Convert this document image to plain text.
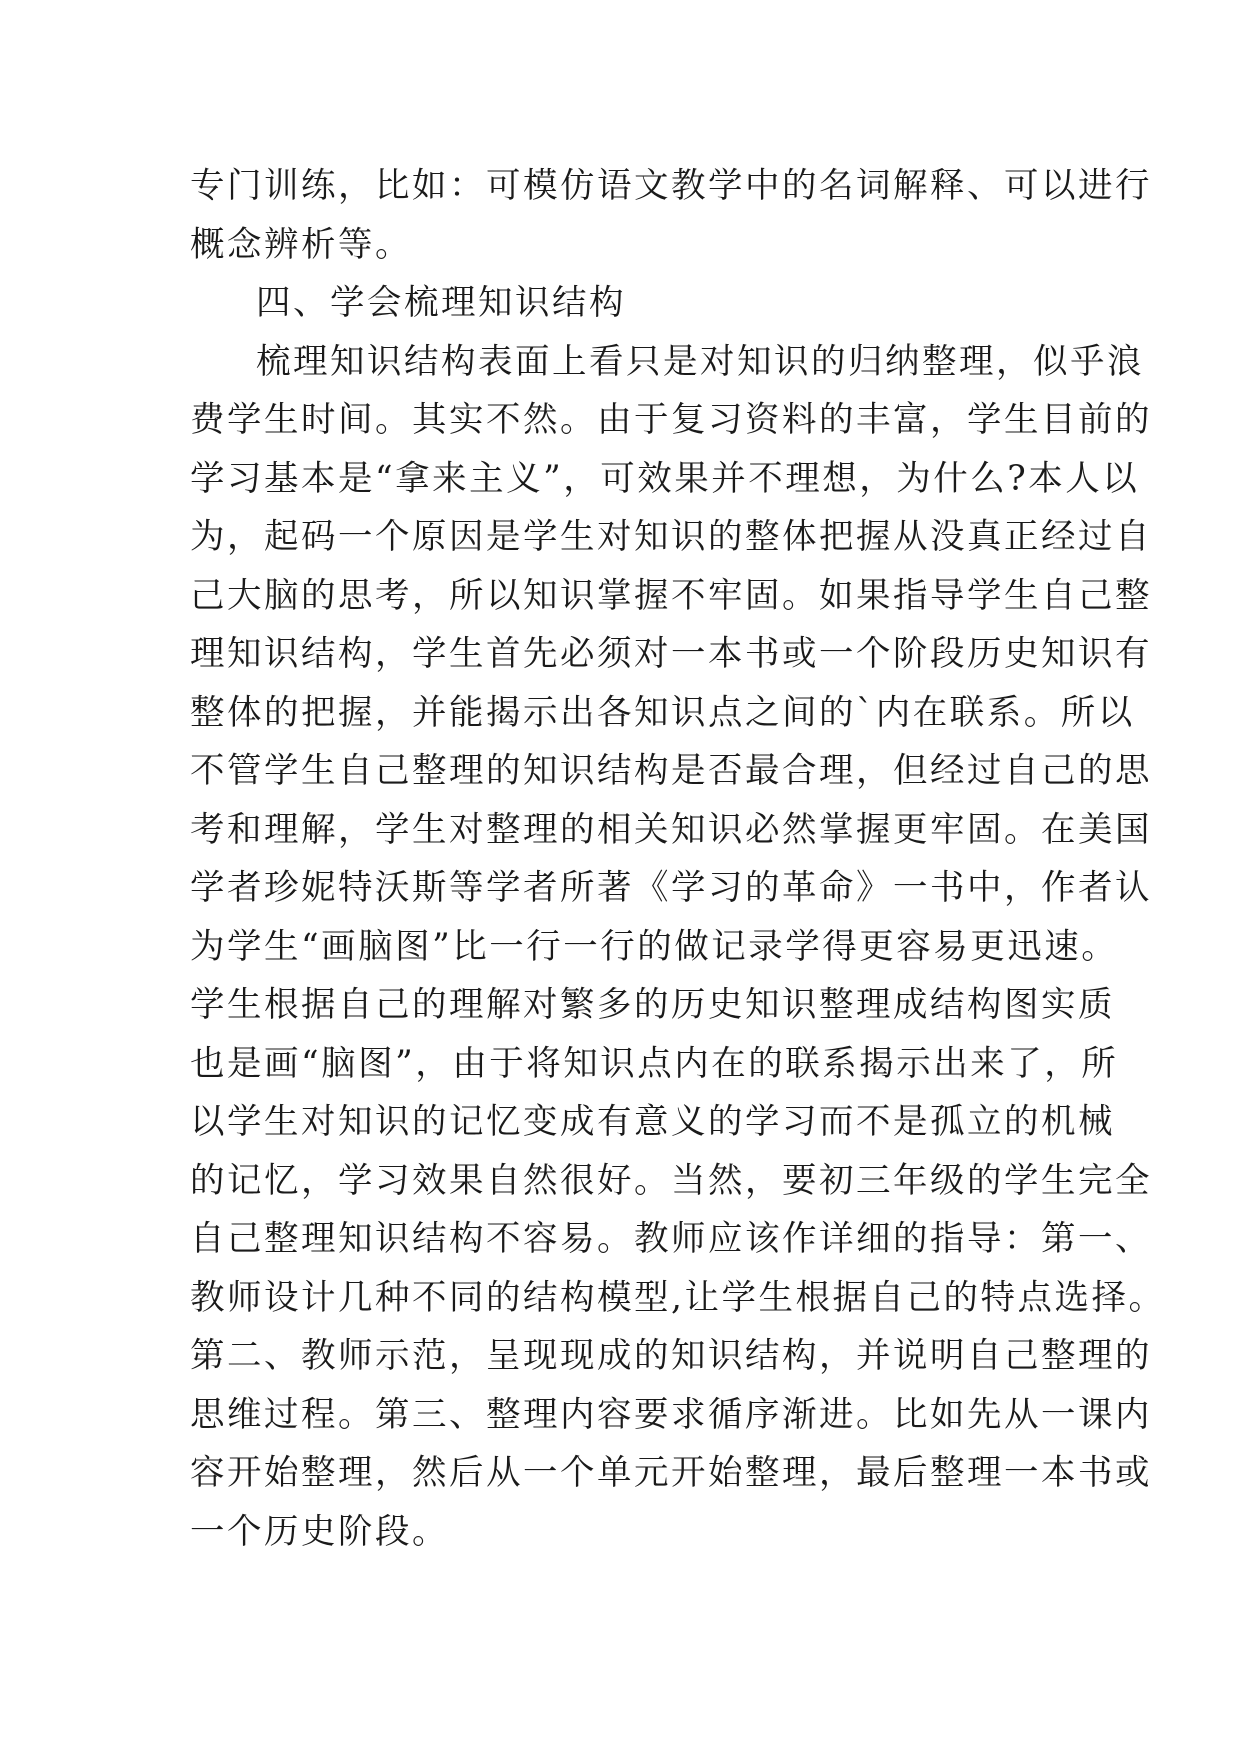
专门训练，比如：可模仿语文教学中的名词解释、可以进行
概念辨析等。
四、学会梳理知识结构
梳理知识结构表面上看只是对知识的归纳整理，似乎浪
费学生时间。其实不然。由于复习资料的丰富，学生目前的
学习基本是“拿来主义”，可效果并不理想，为什么?本人以
为，起码一个原因是学生对知识的整体把握从没真正经过自
己大脑的思考，所以知识掌握不牢固。如果指导学生自己整
理知识结构，学生首先必须对一本书或一个阶段历史知识有
整体的把握，并能揭示出各知识点之间的`内在联系。所以
不管学生自己整理的知识结构是否最合理，但经过自己的思
考和理解，学生对整理的相关知识必然掌握更牢固。在美国
学者珍妮特沃斯等学者所著《学习的革命》一书中，作者认
为学生“画脑图”比一行一行的做记录学得更容易更迅速。
学生根据自己的理解对繁多的历史知识整理成结构图实质
也是画“脑图”，由于将知识点内在的联系揭示出来了，所
以学生对知识的记忆变成有意义的学习而不是孤立的机械
的记忆，学习效果自然很好。当然，要初三年级的学生完全
自己整理知识结构不容易。教师应该作详细的指导：第一、
教师设计几种不同的结构模型,让学生根据自己的特点选择。
第二、教师示范，呈现现成的知识结构，并说明自己整理的
思维过程。第三、整理内容要求循序渐进。比如先从一课内
容开始整理，然后从一个单元开始整理，最后整理一本书或
一个历史阶段。
